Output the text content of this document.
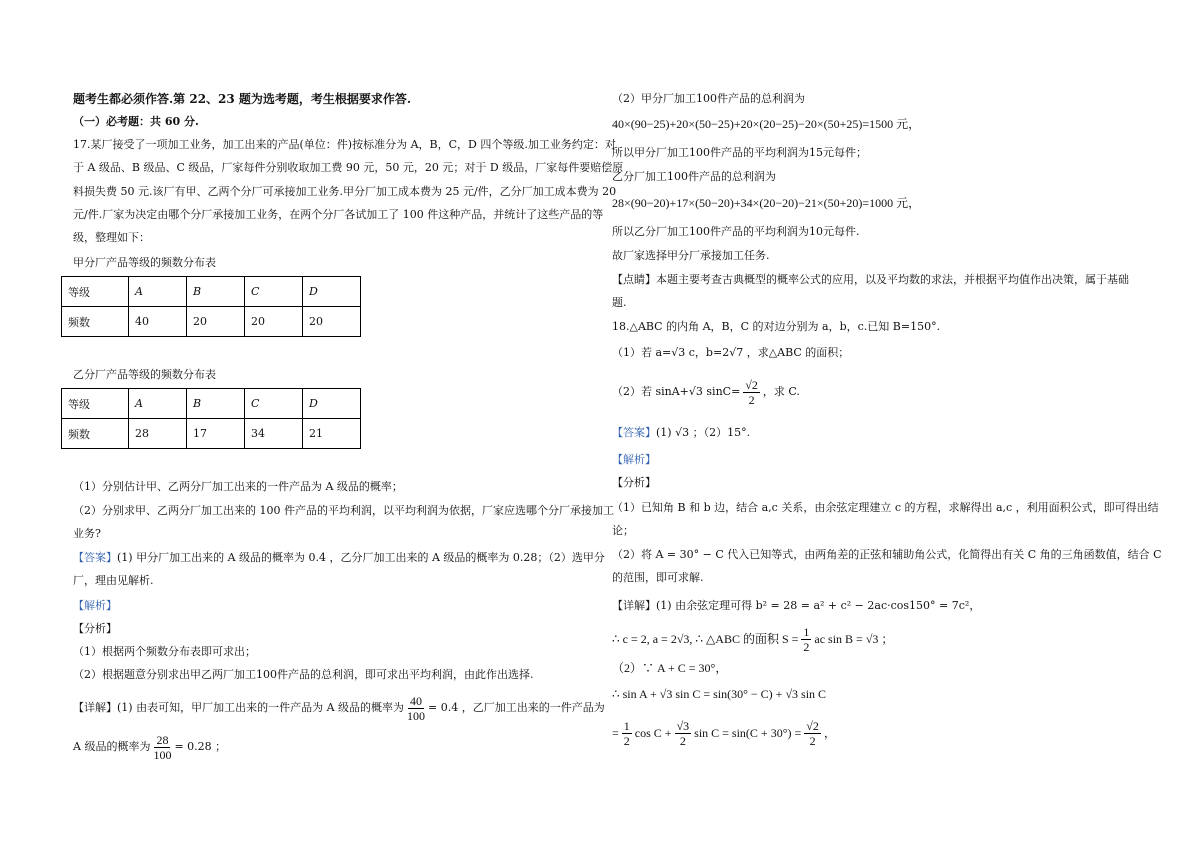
题考生都必须作答.第 22、23 题为选考题，考生根据要求作答.
（一）必考题：共 60 分.
17.某厂接受了一项加工业务，加工出来的产品(单位：件)按标准分为 A，B，C，D 四个等级.加工业务约定：对
于 A 级品、B 级品、C 级品，厂家每件分别收取加工费 90 元，50 元，20 元；对于 D 级品，厂家每件要赔偿原
料损失费 50 元.该厂有甲、乙两个分厂可承接加工业务.甲分厂加工成本费为 25 元/件，乙分厂加工成本费为 20
元/件.厂家为决定由哪个分厂承接加工业务，在两个分厂各试加工了 100 件这种产品，并统计了这些产品的等
级，整理如下：
甲分厂产品等级的频数分布表
等级	A	B	C	D
频数	40	20	20	20
乙分厂产品等级的频数分布表
等级	A	B	C	D
频数	28	17	34	21
（1）分别估计甲、乙两分厂加工出来的一件产品为 A 级品的概率；
（2）分别求甲、乙两分厂加工出来的 100 件产品的平均利润，以平均利润为依据，厂家应选哪个分厂承接加工
业务?
【答案】(1) 甲分厂加工出来的 A 级品的概率为 0.4 ，乙分厂加工出来的 A 级品的概率为 0.28；（2）选甲分
厂，理由见解析.
【解析】
【分析】
（1）根据两个频数分布表即可求出；
（2）根据题意分别求出甲乙两厂加工100件产品的总利润，即可求出平均利润，由此作出选择.
【详解】(1) 由表可知，甲厂加工出来的一件产品为 A 级品的概率为 $\frac{40}{100} = 0.4$ ，乙厂加工出来的一件产品为
A 级品的概率为 $\frac{28}{100} = 0.28$ ；
（2）甲分厂加工100件产品的总利润为
40×(90−25)+20×(50−25)+20×(20−25)−20×(50+25)=1500 元，
所以甲分厂加工100件产品的平均利润为15元每件；
乙分厂加工100件产品的总利润为
28×(90−20)+17×(50−20)+34×(20−20)−21×(50+20)=1000 元，
所以乙分厂加工100件产品的平均利润为10元每件.
故厂家选择甲分厂承接加工任务.
【点睛】本题主要考查古典概型的概率公式的应用，以及平均数的求法，并根据平均值作出决策，属于基础
题.
18.△ABC 的内角 A，B，C 的对边分别为 a，b，c.已知 B=150°.
（1）若 a=√3 c，b=2√7 ，求△ABC 的面积；
（2）若 sinA+√3 $\sin C= \frac{√2}{2}$ ，求 C.
【答案】(1) √3 ；（2）15°.
【解析】
【分析】
（1）已知角 B 和 b 边，结合 a,c 关系，由余弦定理建立 c 的方程，求解得出 a,c ，利用面积公式，即可得出结
论；
（2）将 A = 30° − C 代入已知等式，由两角差的正弦和辅助角公式，化简得出有关 C 角的三角函数值，结合 C
的范围，即可求解.
【详解】(1) 由余弦定理可得 b² = 28 = a² + c² − 2ac·cos150° = 7c²，
∴ c = 2, a = 2√3, ∴ △ABC 的面积 $S = \frac{1}{2}$ ac sin B = √3 ；
（2）∵ A + C = 30°，
∴ sin A + √3 sin C = sin(30° − C) + √3 sin C
= $\frac{1}{2}$ $\cos C + \frac{√3}{2}$ $\sin C = \sin(C + 30^\circ) = \frac{√2}{2}$ ，
